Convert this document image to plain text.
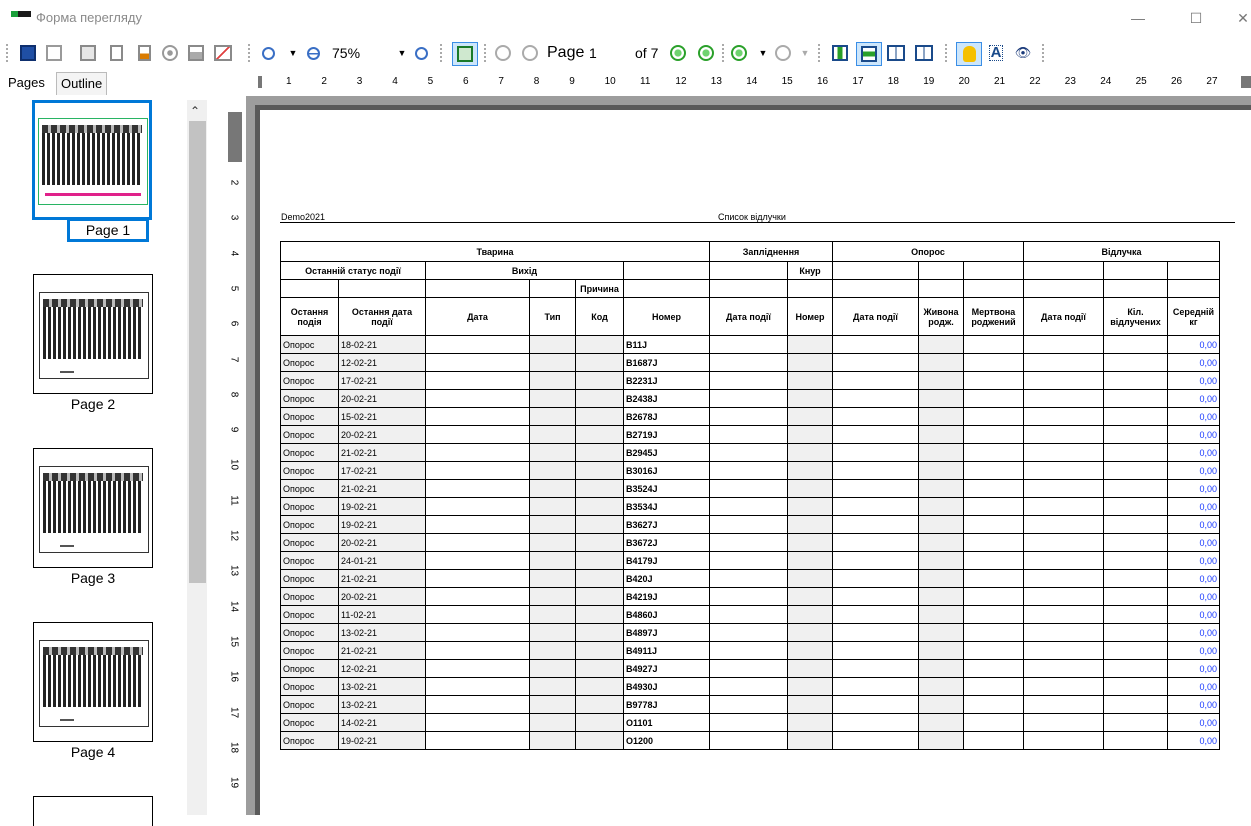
Форма перегляду	—	☐	✕
▼ 75%	▼	Page 1	of 7	▼	▼	A 👁
Pages	Outline	1	2	3	4	5	6	7	8	9	10 11	12 13 14 15 16 17 18 19 20 21 22 23 24 25 26 27
Page 1
Page 2
Page 3
Page 4
⌃
2
3
4
5
6
7
8
9
10
11
12
13
14
15
16
17
18
19
Demo2021	Список відлучки
Тварина						Запліднення		Опорос			Відлучка		
Останній статус події		Вихід					Кнур						
				Причина									
Остання подія	Остання дата події	Дата	Тип	Код	Номер	Дата події	Номер	Дата події	Живона родж.	Мертвона роджений	Дата події	Кіл. відлучених	Середній кг
Опорос	18-02-21				B11J								0,00
Опорос	12-02-21				B1687J								0,00
Опорос	17-02-21				B2231J								0,00
Опорос	20-02-21				B2438J								0,00
Опорос	15-02-21				B2678J								0,00
Опорос	20-02-21				B2719J								0,00
Опорос	21-02-21				B2945J								0,00
Опорос	17-02-21				B3016J								0,00
Опорос	21-02-21				B3524J								0,00
Опорос	19-02-21				B3534J								0,00
Опорос	19-02-21				B3627J								0,00
Опорос	20-02-21				B3672J								0,00
Опорос	24-01-21				B4179J								0,00
Опорос	21-02-21				B420J								0,00
Опорос	20-02-21				B4219J								0,00
Опорос	11-02-21				B4860J								0,00
Опорос	13-02-21				B4897J								0,00
Опорос	21-02-21				B4911J								0,00
Опорос	12-02-21				B4927J								0,00
Опорос	13-02-21				B4930J								0,00
Опорос	13-02-21				B9778J								0,00
Опорос	14-02-21				O1101								0,00
Опорос	19-02-21				O1200								0,00
